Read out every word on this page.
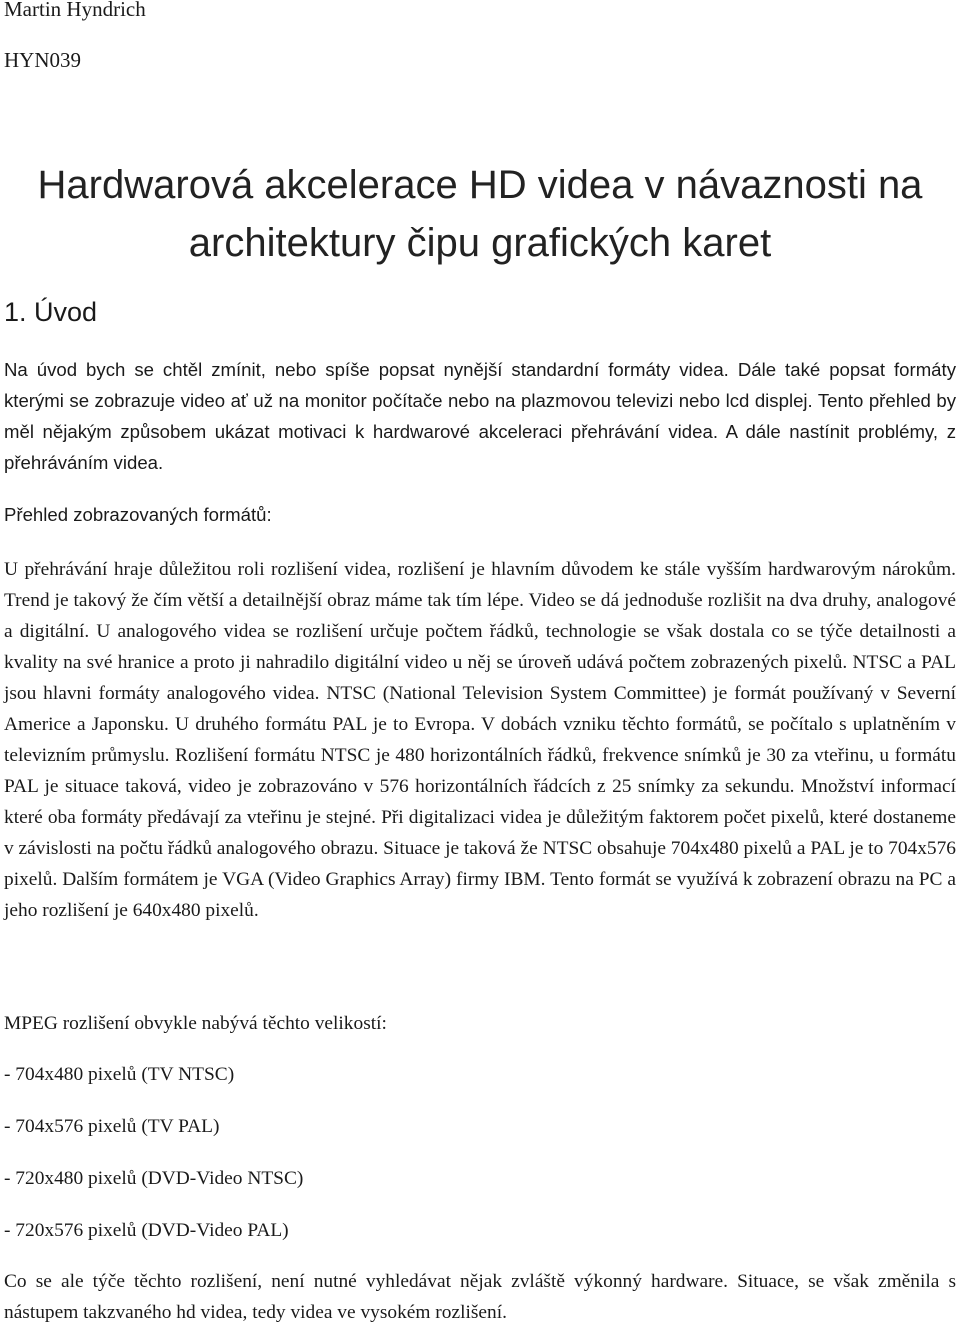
Martin Hyndrich

HYN039

Hardwarová akcelerace HD videa v návaznosti na architektury čipu grafických karet
1. Úvod

Na úvod bych se chtěl zmínit, nebo spíše popsat nynější standardní formáty videa. Dále také popsat formáty kterými se zobrazuje video ať už na monitor počítače nebo na plazmovou televizi nebo lcd displej. Tento přehled by měl nějakým způsobem ukázat motivaci k hardwarové akceleraci přehrávání videa. A dále nastínit problémy, z přehráváním videa.

Přehled zobrazovaných formátů:

U přehrávání hraje důležitou roli rozlišení videa, rozlišení je hlavním důvodem ke stále vyšším hardwarovým nárokům. Trend je takový že čím větší a detailnější obraz máme tak tím lépe. Video se dá jednoduše rozlišit na dva druhy, analogové a digitální. U analogového videa se rozlišení určuje počtem řádků, technologie se však dostala co se týče detailnosti a kvality na své hranice a proto ji nahradilo digitální video u něj se úroveň udává počtem zobrazených pixelů. NTSC a PAL jsou hlavni formáty analogového videa. NTSC (National Television System Committee) je formát používaný v Severní Americe a Japonsku. U druhého formátu PAL je to Evropa. V dobách vzniku těchto formátů, se počítalo s uplatněním v televizním průmyslu. Rozlišení formátu NTSC je 480 horizontálních řádků, frekvence snímků je 30 za vteřinu, u formátu PAL je situace taková, video je zobrazováno v 576 horizontálních řádcích z 25 snímky za sekundu. Množství informací které oba formáty předávají za vteřinu je stejné. Při digitalizaci videa je důležitým faktorem počet pixelů, které dostaneme v závislosti na počtu řádků analogového obrazu. Situace je taková že NTSC obsahuje 704x480 pixelů a PAL je to 704x576 pixelů. Dalším formátem je VGA (Video Graphics Array) firmy IBM. Tento formát se využívá k zobrazení obrazu na PC a jeho rozlišení je 640x480 pixelů.

MPEG rozlišení obvykle nabývá těchto velikostí:

- 704x480 pixelů (TV NTSC)

- 704x576 pixelů (TV PAL)

- 720x480 pixelů (DVD-Video NTSC)

- 720x576 pixelů (DVD-Video PAL)

Co se ale týče těchto rozlišení, není nutné vyhledávat nějak zvláště výkonný hardware. Situace, se však změnila s nástupem takzvaného hd videa, tedy videa ve vysokém rozlišení.
